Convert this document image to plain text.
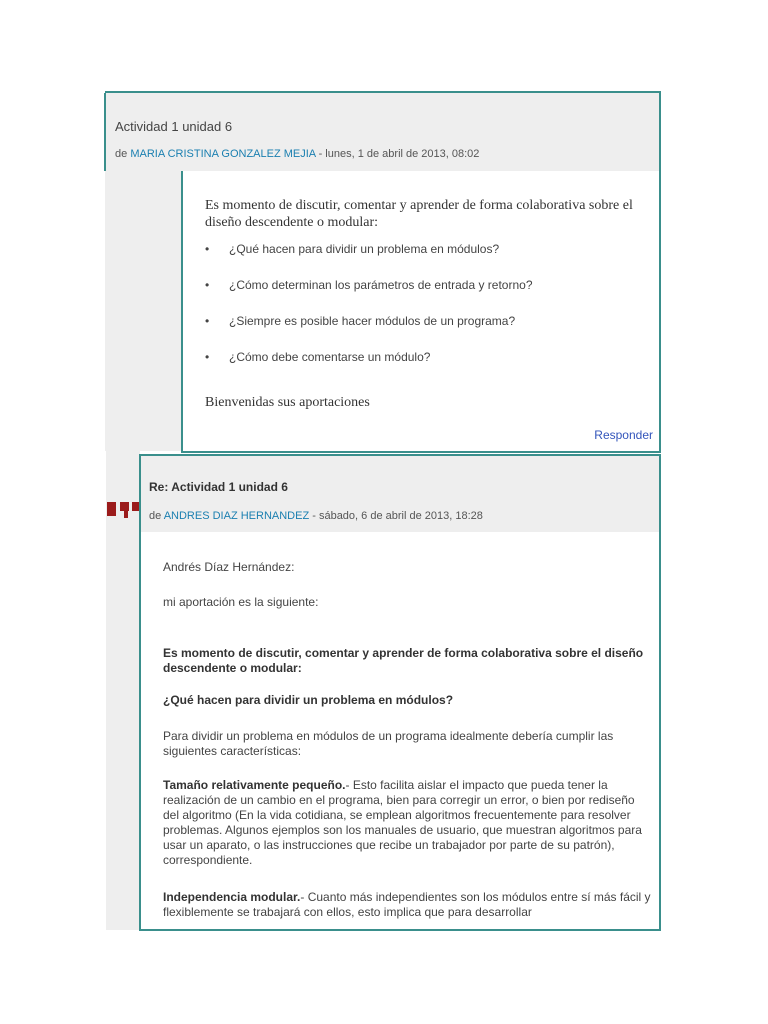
Actividad 1 unidad 6
de MARIA CRISTINA GONZALEZ MEJIA - lunes, 1 de abril de 2013, 08:02
Es momento de discutir, comentar y aprender de forma colaborativa sobre el diseño descendente o modular:
• ¿Qué hacen para dividir un problema en módulos?
• ¿Cómo determinan los parámetros de entrada y retorno?
• ¿Siempre es posible hacer módulos de un programa?
• ¿Cómo debe comentarse un módulo?
Bienvenidas sus aportaciones
Responder
Re: Actividad 1 unidad 6
de ANDRES DIAZ HERNANDEZ - sábado, 6 de abril de 2013, 18:28
Andrés Díaz Hernández:
mi aportación es la siguiente:
Es momento de discutir, comentar y aprender de forma colaborativa sobre el diseño descendente o modular:
¿Qué hacen para dividir un problema en módulos?
Para dividir un problema en módulos de un programa idealmente debería cumplir las siguientes características:
Tamaño relativamente pequeño.- Esto facilita aislar el impacto que pueda tener la realización de un cambio en el programa, bien para corregir un error, o bien por rediseño del algoritmo (En la vida cotidiana, se emplean algoritmos frecuentemente para resolver problemas. Algunos ejemplos son los manuales de usuario, que muestran algoritmos para usar un aparato, o las instrucciones que recibe un trabajador por parte de su patrón), correspondiente.
Independencia modular.- Cuanto más independientes son los módulos entre sí más fácil y flexiblemente se trabajará con ellos, esto implica que para desarrollar
